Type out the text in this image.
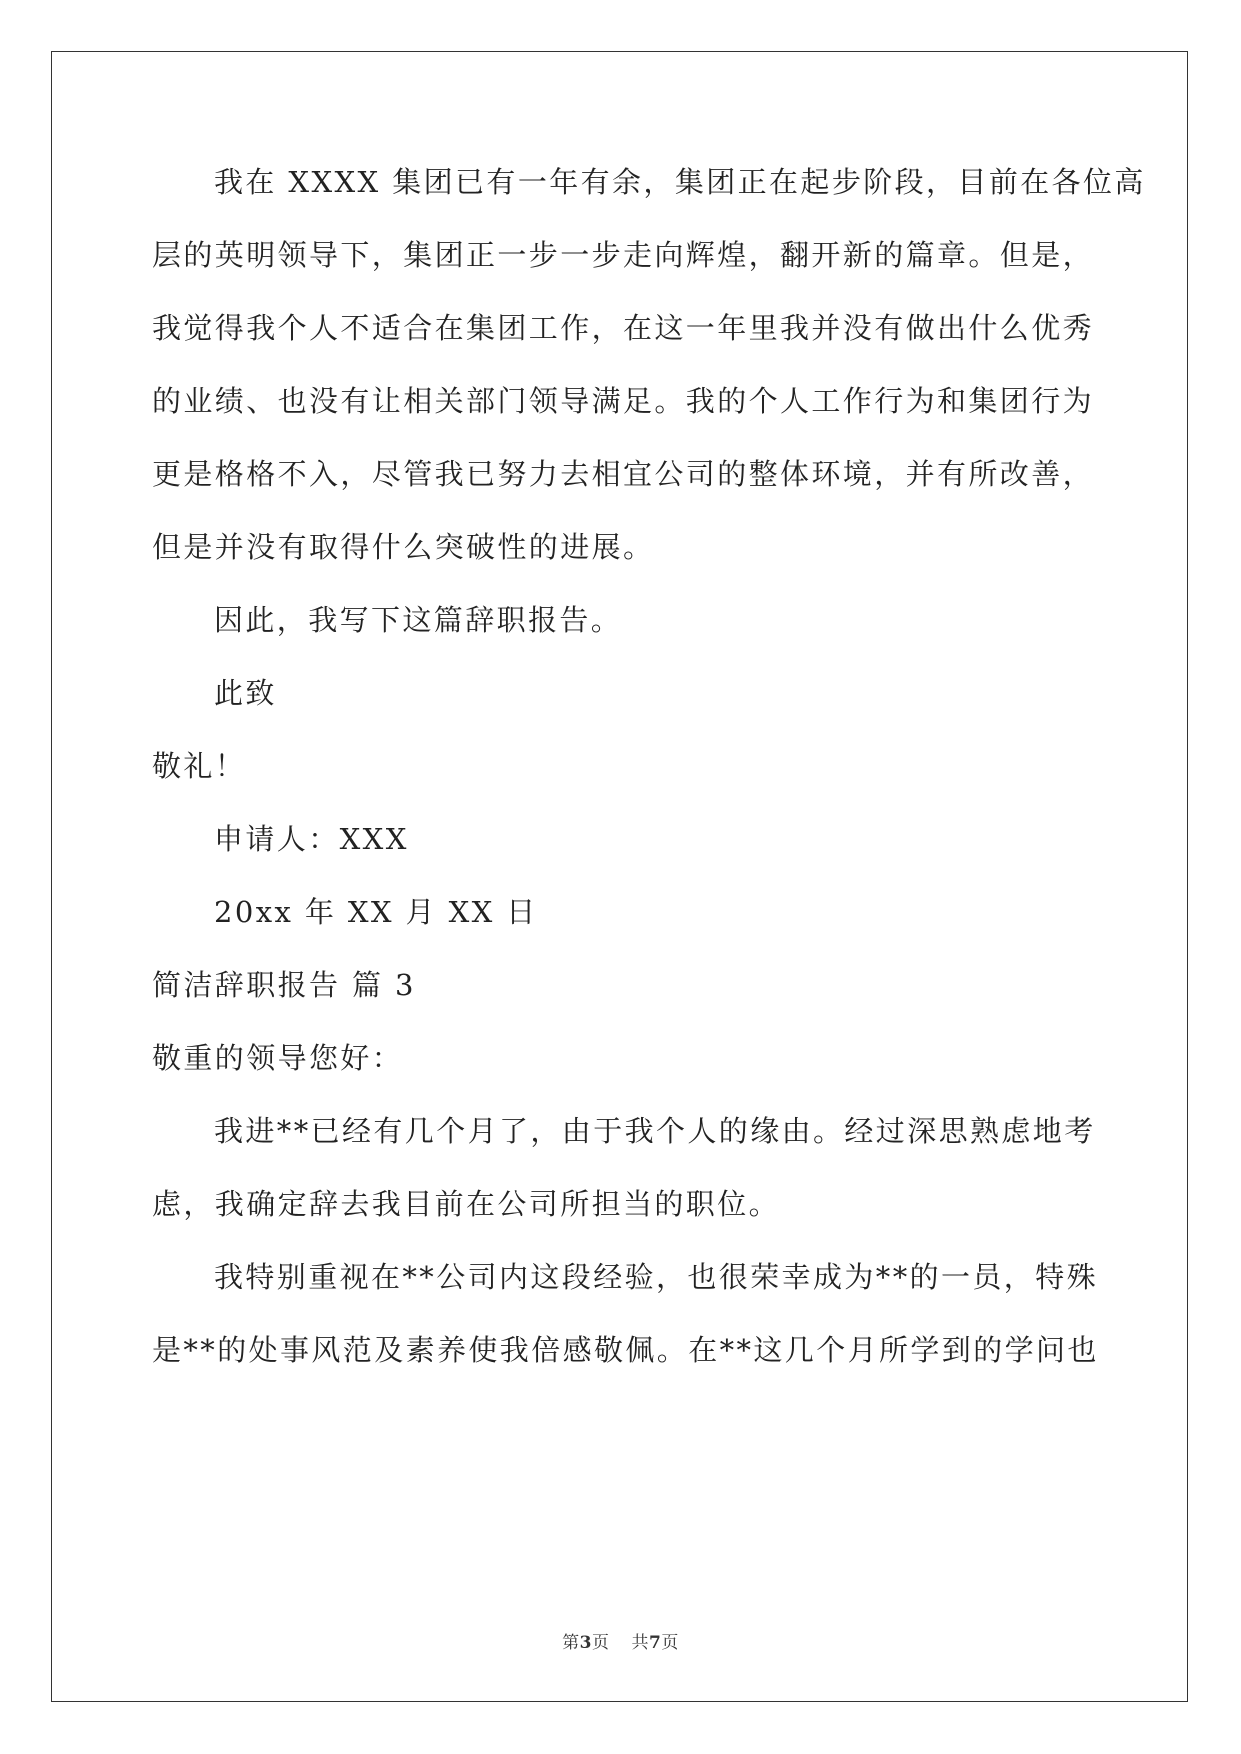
我在 XXXX 集团已有一年有余，集团正在起步阶段，目前在各位高
层的英明领导下，集团正一步一步走向辉煌，翻开新的篇章。但是，
我觉得我个人不适合在集团工作，在这一年里我并没有做出什么优秀
的业绩、也没有让相关部门领导满足。我的个人工作行为和集团行为
更是格格不入，尽管我已努力去相宜公司的整体环境，并有所改善，
但是并没有取得什么突破性的进展。
因此，我写下这篇辞职报告。
此致
敬礼！
申请人：XXX
20xx 年 XX 月 XX 日
简洁辞职报告 篇 3
敬重的领导您好：
我进**已经有几个月了，由于我个人的缘由。经过深思熟虑地考
虑，我确定辞去我目前在公司所担当的职位。
我特别重视在**公司内这段经验，也很荣幸成为**的一员，特殊
是**的处事风范及素养使我倍感敬佩。在**这几个月所学到的学问也
第3页 共7页
